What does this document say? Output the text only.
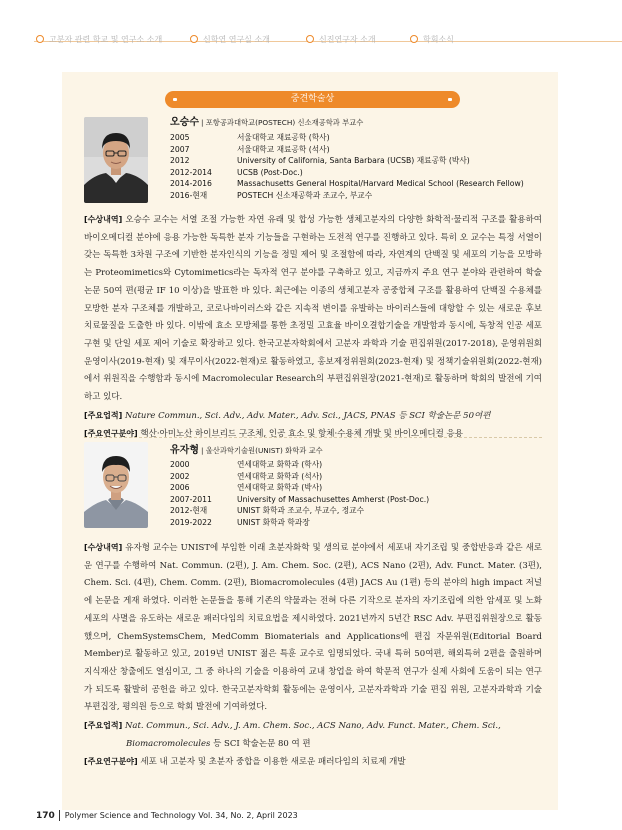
고분자 관련 학교 및 연구소 소개	신학연 연구실 소개	신진연구자 소개	학회소식
중견학술상
오승수 | 포항공과대학교(POSTECH) 신소재공학과 부교수
2005	서울대학교 재료공학 (학사)
2007	서울대학교 재료공학 (석사)
2012	University of California, Santa Barbara (UCSB) 재료공학 (박사)
2012-2014	UCSB (Post-Doc.)
2014-2016	Massachusetts General Hospital/Harvard Medical School (Research Fellow)
2016-현재	POSTECH 신소재공학과 조교수, 부교수

[수상내역] 오승수 교수는 서열 조절 가능한 자연 유래 및 합성 가능한 생체고분자의 다양한 화학적·물리적 구조를 활용하여 바이오메디컬 분야에 응용 가능한 독특한 분자 기능들을 구현하는 도전적 연구를 진행하고 있다. 특히 오 교수는 특정 서열이 갖는 독특한 3차원 구조에 기반한 분자인식의 기능을 정밀 제어 및 조절함에 따라, 자연계의 단백질 및 세포의 기능을 모방하는 Proteomimetics와 Cytomimetics라는 독자적 연구 분야를 구축하고 있고, 지금까지 주요 연구 분야와 관련하여 학술 논문 50여 편(평균 IF 10 이상)을 발표한 바 있다. 최근에는 이종의 생체고분자 공중합체 구조를 활용하여 단백질 수용체를 모방한 분자 구조체를 개발하고, 코로나바이러스와 같은 지속적 변이를 유발하는 바이러스들에 대항할 수 있는 새로운 후보치료물질을 도출한 바 있다. 이밖에 효소 모방체를 통한 초정밀 고효율 바이오결합기술을 개발함과 동시에, 독창적 인공 세포 구현 및 단일 세포 제어 기술로 확장하고 있다. 한국고분자학회에서 고분자 과학과 기술 편집위원(2017-2018), 운영위원회 운영이사(2019-현재) 및 재무이사(2022-현재)로 활동하였고, 홍보제정위원회(2023-현재) 및 정책기술위원회(2022-현재)에서 위원직을 수행함과 동시에 Macromolecular Research의 부편집위원장(2021-현재)로 활동하며 학회의 발전에 기여하고 있다.

[주요업적] Nature Commun., Sci. Adv., Adv. Mater., Adv. Sci., JACS, PNAS 등 SCI 학술논문 50여편

[주요연구분야] 핵산·아미노산 하이브리드 구조체, 인공 효소 및 항체·수용체 개발 및 바이오메디컬 응용

유자형 | 울산과학기술원(UNIST) 화학과 교수
2000	연세대학교 화학과 (학사)
2002	연세대학교 화학과 (석사)
2006	연세대학교 화학과 (박사)
2007-2011	University of Massachusettes Amherst (Post-Doc.)
2012-현재	UNIST 화학과 조교수, 부교수, 정교수
2019-2022	UNIST 화학과 학과장

[수상내역] 유자형 교수는 UNIST에 부임한 이래 초분자화학 및 생의료 분야에서 세포내 자기조립 및 중합반응과 같은 새로운 연구를 수행하여 Nat. Commun. (2편), J. Am. Chem. Soc. (2편), ACS Nano (2편), Adv. Funct. Mater. (3편), Chem. Sci. (4편), Chem. Comm. (2편), Biomacromolecules (4편) JACS Au (1편) 등의 분야의 high impact 저널에 논문을 게재 하였다. 이러한 논문들을 통해 기존의 약물과는 전혀 다른 기작으로 분자의 자기조립에 의한 암세포 및 노화세포의 사멸을 유도하는 새로운 패러다임의 치료요법을 제시하였다. 2021년까지 5년간 RSC Adv. 부편집위원장으로 활동했으며, ChemSystemsChem, MedComm Biomaterials and Applications에 편집 자문위원(Editorial Board Member)로 활동하고 있고, 2019년 UNIST 젊은 특훈 교수로 임명되었다. 국내 특허 50여편, 해외특허 2편을 출원하며 지식재산 창출에도 열심이고, 그 중 하나의 기술을 이용하여 교내 창업을 하여 학문적 연구가 실제 사회에 도움이 되는 연구가 되도록 활발히 공헌을 하고 있다. 한국고분자학회 활동에는 운영이사, 고분자과학과 기술 편집 위원, 고분자과학과 기술 부편집장, 평의원 등으로 학회 발전에 기여하였다.

[주요업적] Nat. Commun., Sci. Adv., J. Am. Chem. Soc., ACS Nano, Adv. Funct. Mater., Chem. Sci.,

Biomacromolecules 등 SCI 학술논문 80 여 편

[주요연구분야] 세포 내 고분자 및 초분자 중합을 이용한 새로운 패러다임의 치료제 개발

170 Polymer Science and Technology Vol. 34, No. 2, April 2023
